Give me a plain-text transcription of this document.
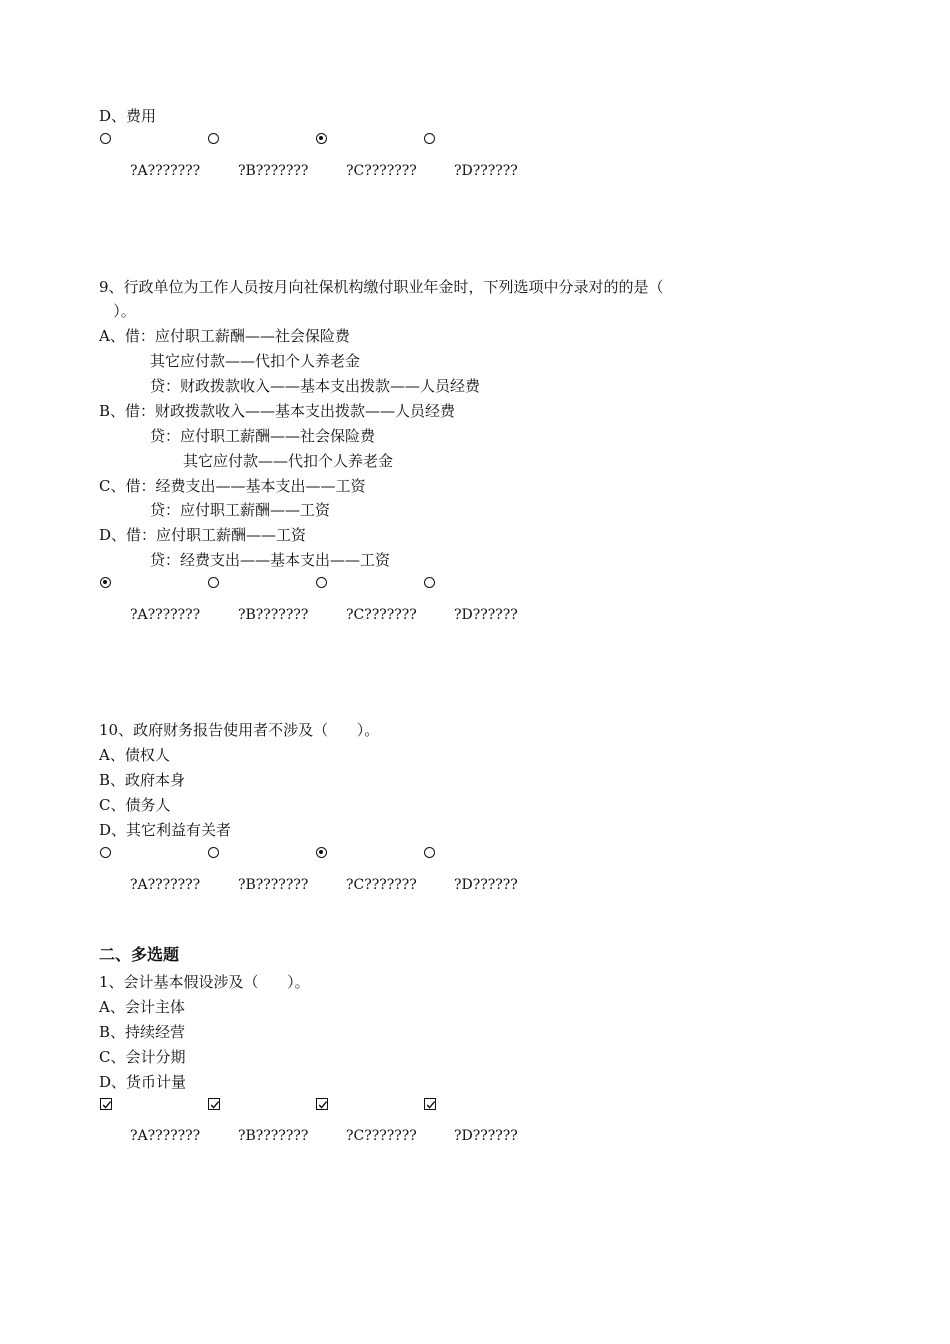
D、费用
?A???????	?B???????	?C???????	?D??????
9、行政单位为工作人员按月向社保机构缴付职业年金时，下列选项中分录对的的是（
）。
A、借：应付职工薪酬——社会保险费
其它应付款——代扣个人养老金
贷：财政拨款收入——基本支出拨款——人员经费
B、借：财政拨款收入——基本支出拨款——人员经费
贷：应付职工薪酬——社会保险费
其它应付款——代扣个人养老金
C、借：经费支出——基本支出——工资
贷：应付职工薪酬——工资
D、借：应付职工薪酬——工资
贷：经费支出——基本支出——工资
?A???????	?B???????	?C???????	?D??????
10、政府财务报告使用者不涉及（      ）。
A、债权人
B、政府本身
C、债务人
D、其它利益有关者
?A???????	?B???????	?C???????	?D??????
二、多选题
1、会计基本假设涉及（      ）。
A、会计主体
B、持续经营
C、会计分期
D、货币计量
?A???????	?B???????	?C???????	?D??????
